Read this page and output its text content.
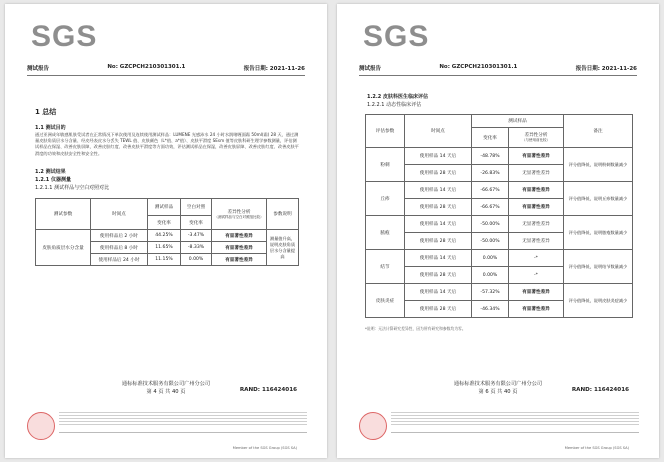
SGS
测试报告	No: GZCPCH210301301.1	报告日期: 2021-11-26
1 总结
1.1 测试目的
通过亚洲成年敏感肌肤受试者在正常情况下单次使用及连续使用测试样品：LUMENE 光感沛水 24 小时水润啫喱面霜 50ml(霜) 28 天，通过测量皮肤角质层水分含量、经皮经表皮水分丢失 TEWL 值、皮肤颜色（L*值、a*值）、皮肤平滑度 SEsm 值等皮肤科研生理学参数测量，评估测试样品在保湿、改善皮肤屏障，改善皮肤红度、改善皮肤平滑度等方面功效，评估测试样品在保湿，改善皮肤屏障、改善皮肤红度、改善皮肤平滑度的功效和皮肤安全性和安全性。
1.2 测试结果
1.2.1 仪器测量
1.2.1.1 测试样品与空白对照对比
测试参数	时间点	测试样品	空白对照	差异性分析
（测试样品与空白对照组比较）	参数说明
		变化率	变化率		
皮肤角质层水分含量	使用样品后 2 小时	44.25%	-3.47%	有显著性差异	测量值升高，说明皮肤角质层水分含量提高
	使用样品后 8 小时	11.65%	-8.33%	有显著性差异	
	使用样品后 24 小时	11.15%	0.00%	有显著性差异	
通标标准技术服务有限公司广州分公司
第 4 页 共 40 页	RAND: 116424016
Member of the SGS Group (SGS SA)
SGS
测试报告	No: GZCPCH210301301.1	报告日期: 2021-11-26
1.2.2 皮肤科医生临床评估
1.2.2.1 动态性临床评估
评估参数	时间点	测试样品		备注
		变化率	差异性分析
（与使用前比较）	

粉刺	使用样品 14 天后	-48.78%	有显著性差异	评分值降低，说明粉刺数量减少
	使用样品 28 天后	-26.83%	无显著性差异	
丘疹	使用样品 14 天后	-66.67%	有显著性差异	评分值降低，说明丘疹数量减少
	使用样品 28 天后	-66.67%	有显著性差异	
脓疱	使用样品 14 天后	-50.00%	无显著性差异	评分值降低，说明脓疱数量减少
	使用样品 28 天后	-50.00%	无显著性差异	
结节	使用样品 14 天后	0.00%	-*	评分值降低，说明结节数量减少
	使用样品 28 天后	0.00%	-*	
皮肤炎症	使用样品 14 天后	-57.32%	有显著性差异	评分值降低，说明皮肤炎症减少
	使用样品 28 天后	-46.34%	有显著性差异	
*说明：无法计算研究差异性，因为所有研究和参数均为零。
通标标准技术服务有限公司广州分公司
第 6 页 共 40 页	RAND: 116424016
Member of the SGS Group (SGS SA)
